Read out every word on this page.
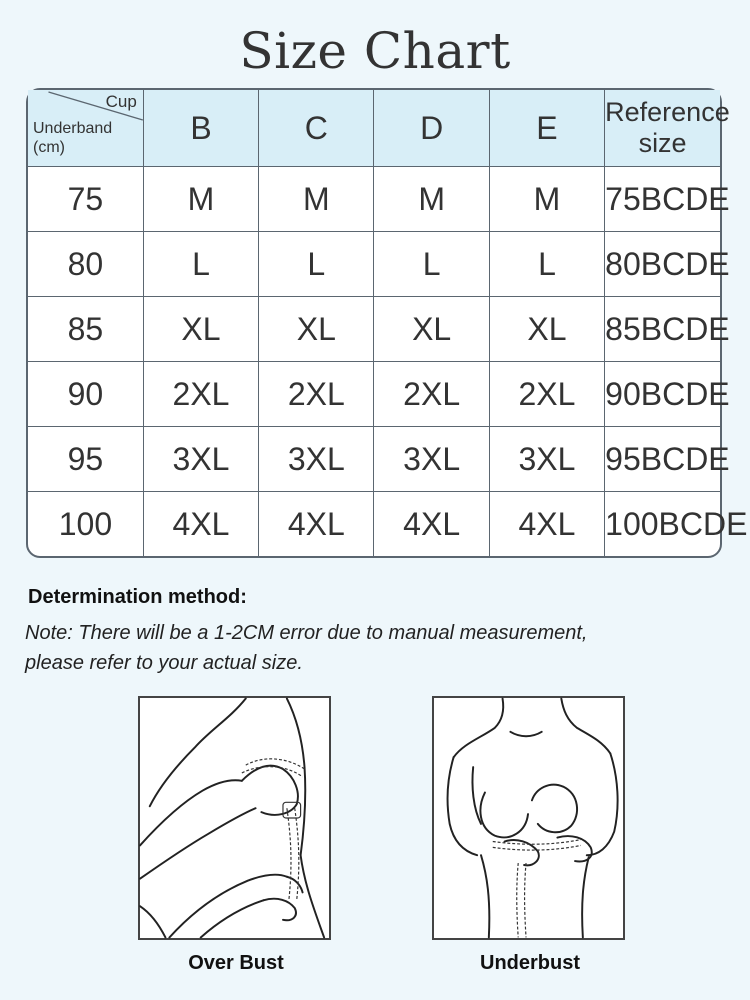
Size Chart
Cup
Underband
(cm)	B	C	D	E	Reference size
75	M	M	M	M	75BCDE
80	L	L	L	L	80BCDE
85	XL	XL	XL	XL	85BCDE
90	2XL	2XL	2XL	2XL	90BCDE
95	3XL	3XL	3XL	3XL	95BCDE
100	4XL	4XL	4XL	4XL	100BCDE
Determination method:
Note: There will be a 1-2CM error due to manual measurement,
please refer to your actual size.
Over Bust	Underbust
